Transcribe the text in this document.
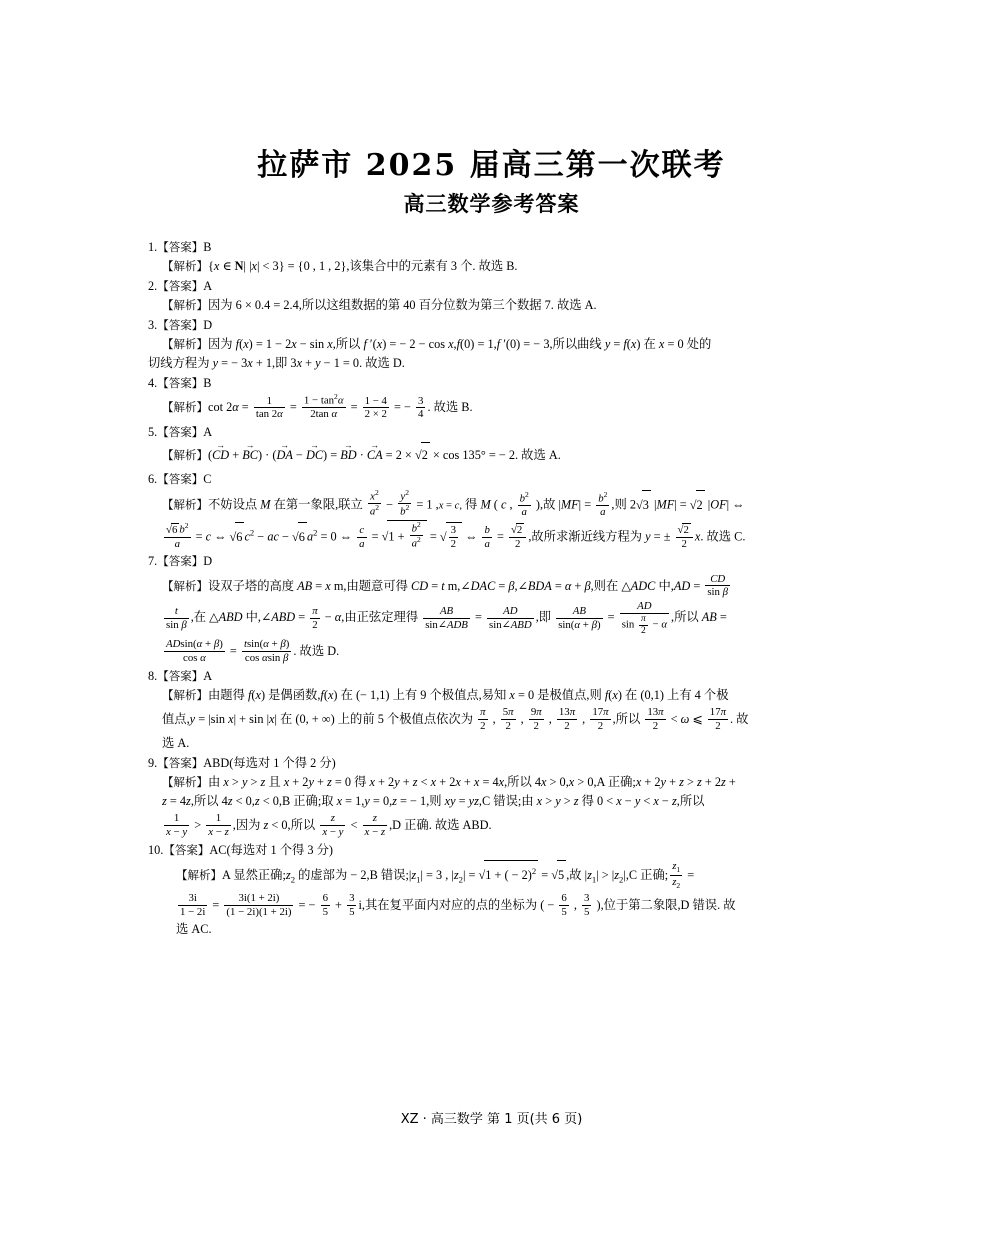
拉萨市 2025 届高三第一次联考
高三数学参考答案
1.【答案】B
【解析】{x ∈ N| |x| < 3} = {0 , 1 , 2},该集合中的元素有 3 个. 故选 B.
2.【答案】A
【解析】因为 6 × 0.4 = 2.4,所以这组数据的第 40 百分位数为第三个数据 7. 故选 A.
3.【答案】D
【解析】因为 f(x) = 1 − 2x − sin x,所以 f ′(x) = − 2 − cos x,f(0) = 1,f ′(0) = − 3,所以曲线 y = f(x) 在 x = 0 处的
切线方程为 y = − 3x + 1,即 3x + y − 1 = 0. 故选 D.
4.【答案】B
【解析】$\cot 2\alpha = \frac{1}{\tan 2\alpha} = \frac{1 - \tan^2\alpha}{\text{2tan α}} = \frac{1 - 4}{2 \times 2}$ = − $\frac{3}{4}$ . 故选 B.
5.【答案】A
【解析】(CD → + BC →) · (DA → − DC →) = BD → · CA → = 2 × √2 × cos 135° = − 2. 故选 A.
6.【答案】C
【解析】不妨设点 M 在第一象限,联立 $\frac{x^2}{a^2} - \frac{y^2}{b^2} = 1$ ,x = c, 得 M ( c , $\frac{b^2}{a}$ ),故 $|MF| = \frac{b^2}{a}$ ,则 2√3 |MF| = √2 |OF| ⇔
$\frac{√6 b^2}{a} = c$ ⇔ √6 $c^2$ − ac − √6 $a^2 = 0$ ⇔ $\frac{c}{a} = √1 + \frac{b^2}{a^2}$ = √ $\frac{3}{2}$ ⇔ $\frac{b}{a} = \frac{√2}{2}$ ,故所求渐近线方程为 y = ± $\frac{√2}{2} x$. 故选 C.
7.【答案】D
【解析】设双子塔的高度 AB = x m,由题意可得 CD = t m,∠DAC = β,∠BDA = α + β,则在 △ADC 中$,AD = \frac{CD}{\text{sin β}}$
$\frac{t}{\text{sin β}}$ ,在 △ABD 中,∠ABD = $\frac{\pi}{2} - \alpha$,由正弦定理得 $\frac{AB}{\text{sin∠ADB}} = \frac{AD}{\text{sin∠ABD}}$ ,即 $\frac{AB}{\sin(\alpha + \beta)} = \frac{AD}{\sin \frac{\pi}{2} - \alpha}$ ,所以 AB =
$\frac{ADsin(\alpha + \beta)}{\text{cos α}} = \frac{tsin(\alpha + \beta)}{\text{cos αsin β}}$ . 故选 D.
8.【答案】A
【解析】由题得 f(x) 是偶函数,f(x) 在 (− 1,1) 上有 9 个极值点,易知 x = 0 是极值点,则 f(x) 在 (0,1) 上有 4 个极
值点,y = |sin x| + sin |x| 在 (0, + ∞) 上的前 5 个极值点依次为 $\frac{\pi}{2}$ , $\frac{5\pi}{2}$ , $\frac{9\pi}{2}$ , $\frac{13\pi}{2}$ , $\frac{17\pi}{2}$ ,所以 $\frac{13\pi}{2} < \omega$ ⩽ $\frac{17\pi}{2}$ . 故
选 A.
9.【答案】ABD(每选对 1 个得 2 分)
【解析】由 x > y > z 且 x + 2y + z = 0 得 x + 2y + z < x + 2x + x = 4x,所以 4x > 0,x > 0,A 正确;x + 2y + z > z + 2z +
z = 4z,所以 4z < 0,z < 0,B 正确;取 x = 1,y = 0,z = − 1,则 xy = yz,C 错误;由 x > y > z 得 0 < x − y < x − z,所以
$\frac{1}{x - y} > \frac{1}{x - z}$ ,因为 z < 0,所以 $\frac{z}{x - y} < \frac{z}{x - z} ,D$ 正确. 故选 ABD.
10.【答案】AC(每选对 1 个得 3 分)
【解析】A 显然正确$;z_2$ 的虚部为 − 2,B 错误$;|z_1| = 3$ , $|z_2| = √1$ + ( − 2)$^2$ = √5 ,故 $|z_1| > |z_2|,C$ 正确; $\frac{z_1}{z_2}$ =
$\frac{3i}{1 - 2i} = \frac{3i(1 + 2i)}{(1 - 2i)(1 + 2i)}$ = − $\frac{6}{5} + \frac{3}{5} i$,其在复平面内对应的点的坐标为 ( − $\frac{6}{5}$ , $\frac{3}{5}$ ),位于第二象限,D 错误. 故
选 AC.
XZ · 高三数学 第 1 页(共 6 页)
